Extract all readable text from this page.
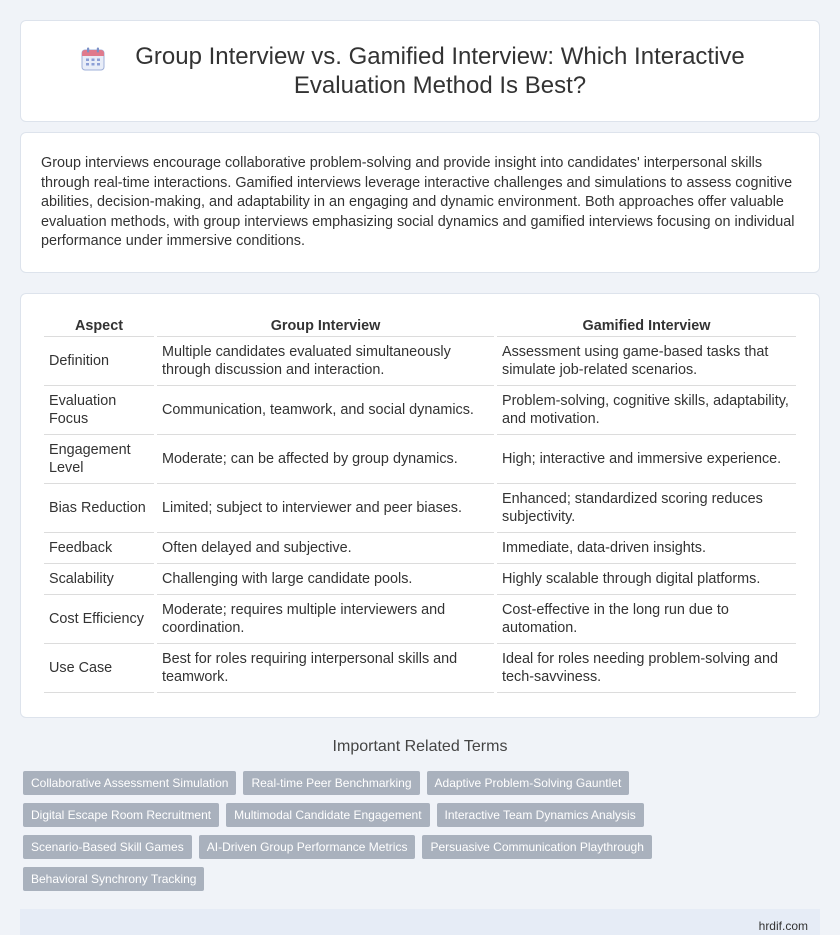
Group Interview vs. Gamified Interview: Which Interactive Evaluation Method Is Best?

Group interviews encourage collaborative problem-solving and provide insight into candidates' interpersonal skills through real-time interactions. Gamified interviews leverage interactive challenges and simulations to assess cognitive abilities, decision-making, and adaptability in an engaging and dynamic environment. Both approaches offer valuable evaluation methods, with group interviews emphasizing social dynamics and gamified interviews focusing on individual performance under immersive conditions.

Aspect	Group Interview	Gamified Interview
Definition	Multiple candidates evaluated simultaneously through discussion and interaction.	Assessment using game-based tasks that simulate job-related scenarios.
Evaluation Focus	Communication, teamwork, and social dynamics.	Problem-solving, cognitive skills, adaptability, and motivation.
Engagement Level	Moderate; can be affected by group dynamics.	High; interactive and immersive experience.
Bias Reduction	Limited; subject to interviewer and peer biases.	Enhanced; standardized scoring reduces subjectivity.
Feedback	Often delayed and subjective.	Immediate, data-driven insights.
Scalability	Challenging with large candidate pools.	Highly scalable through digital platforms.
Cost Efficiency	Moderate; requires multiple interviewers and coordination.	Cost-effective in the long run due to automation.
Use Case	Best for roles requiring interpersonal skills and teamwork.	Ideal for roles needing problem-solving and tech-savviness.
Important Related Terms
Collaborative Assessment Simulation	Real-time Peer Benchmarking	Adaptive Problem-Solving Gauntlet
Digital Escape Room Recruitment	Multimodal Candidate Engagement	Interactive Team Dynamics Analysis
Scenario-Based Skill Games	AI-Driven Group Performance Metrics	Persuasive Communication Playthrough
Behavioral Synchrony Tracking
hrdif.com
